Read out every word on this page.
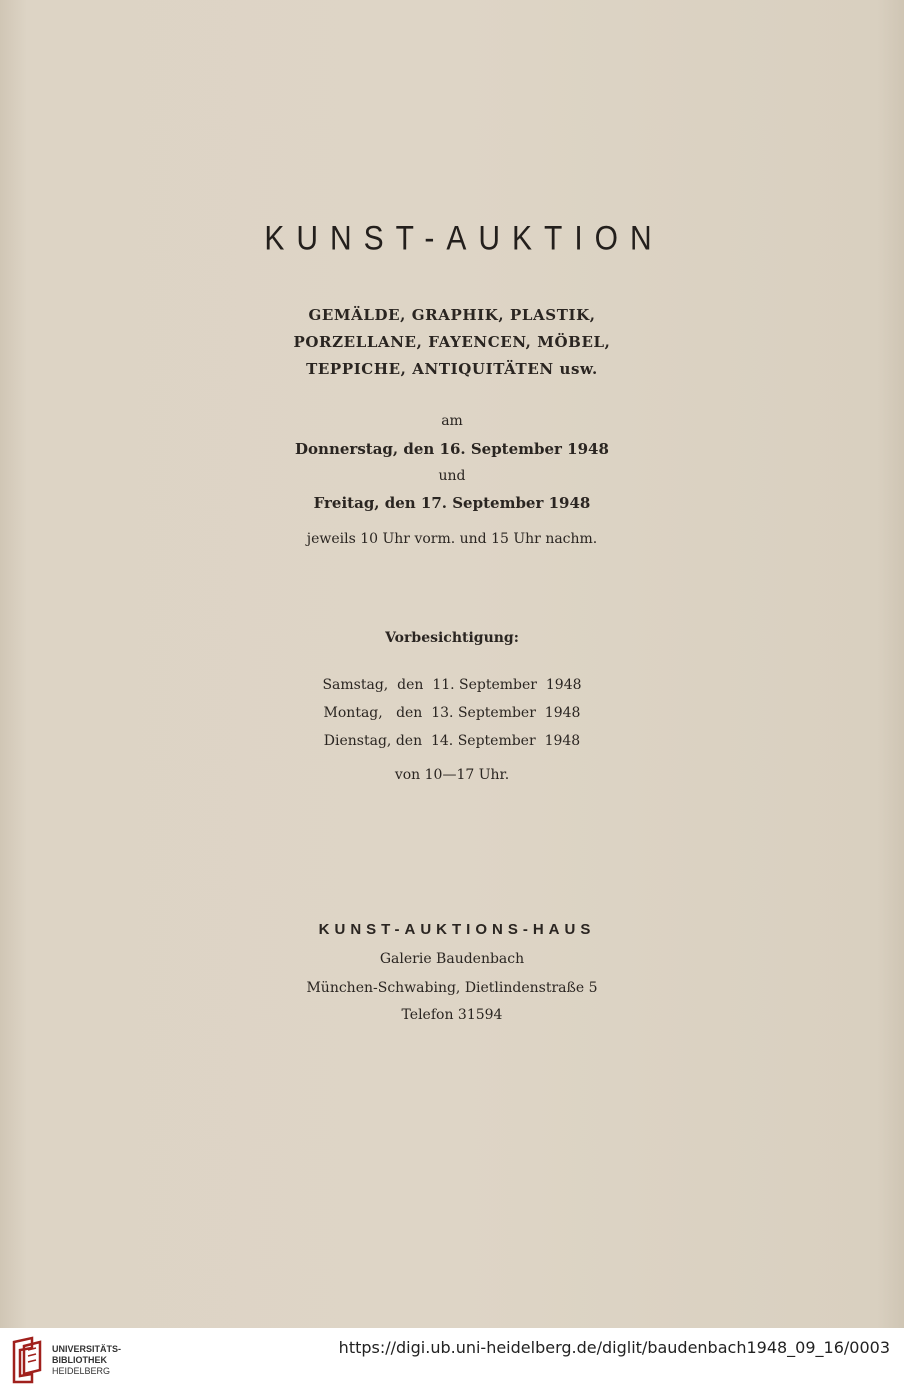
KUNST-AUKTION
GEMÄLDE, GRAPHIK, PLASTIK,
PORZELLANE, FAYENCEN, MÖBEL,
TEPPICHE, ANTIQUITÄTEN usw.
am
Donnerstag, den 16. September 1948
und
Freitag, den 17. September 1948
jeweils 10 Uhr vorm. und 15 Uhr nachm.
Vorbesichtigung:
Samstag,  den  11. September  1948
Montag,   den  13. September  1948
Dienstag, den  14. September  1948
von 10—17 Uhr.
KUNST-AUKTIONS-HAUS
Galerie Baudenbach
München-Schwabing, Dietlindenstraße 5
Telefon 31594
UNIVERSITÄTS-
BIBLIOTHEK
HEIDELBERG
https://digi.ub.uni-heidelberg.de/diglit/baudenbach1948_09_16/0003
